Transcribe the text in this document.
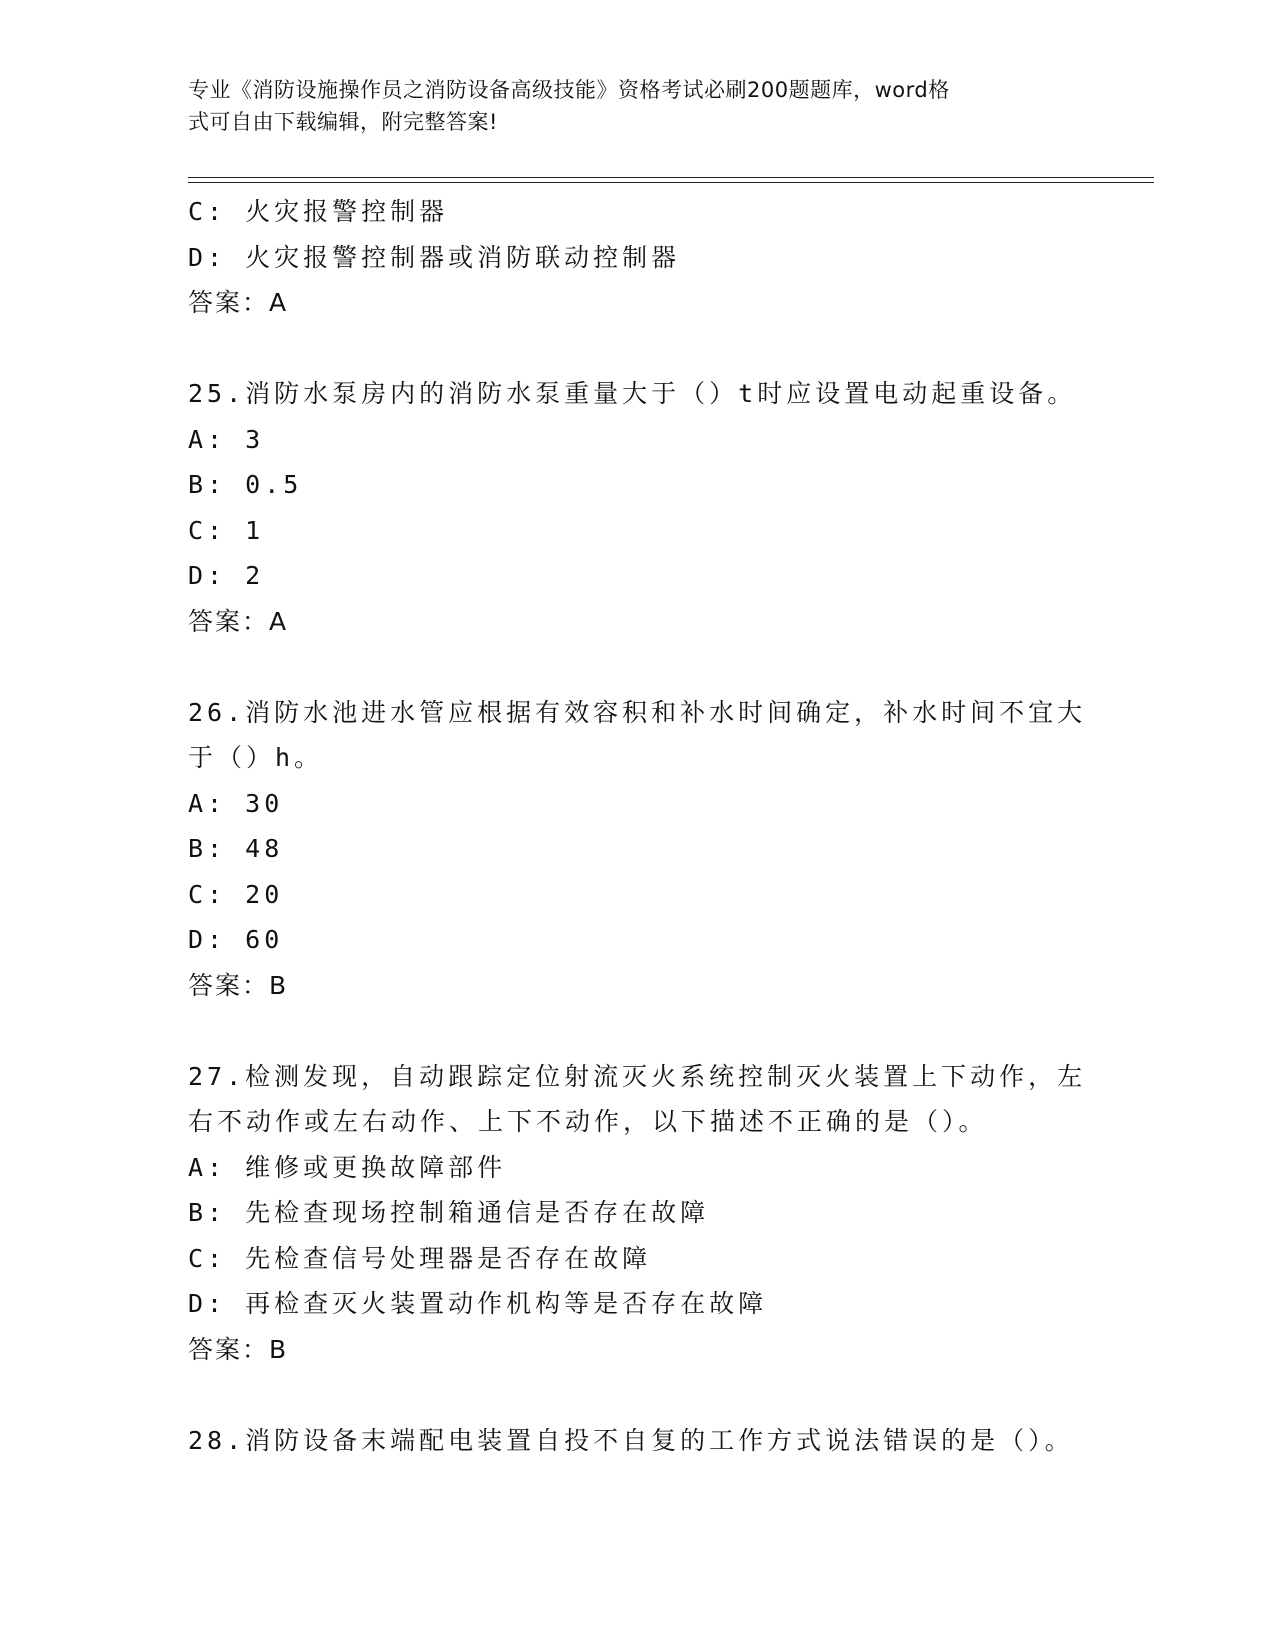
专业《消防设施操作员之消防设备高级技能》资格考试必刷200题题库，word格
式可自由下载编辑，附完整答案!
C: 火灾报警控制器
D: 火灾报警控制器或消防联动控制器
答案：A
25.消防水泵房内的消防水泵重量大于（）t时应设置电动起重设备。
A: 3
B: 0.5
C: 1
D: 2
答案：A
26.消防水池进水管应根据有效容积和补水时间确定，补水时间不宜大
于（）h。
A: 30
B: 48
C: 20
D: 60
答案：B
27.检测发现，自动跟踪定位射流灭火系统控制灭火装置上下动作，左
右不动作或左右动作、上下不动作，以下描述不正确的是（）。
A: 维修或更换故障部件
B: 先检查现场控制箱通信是否存在故障
C: 先检查信号处理器是否存在故障
D: 再检查灭火装置动作机构等是否存在故障
答案：B
28.消防设备末端配电装置自投不自复的工作方式说法错误的是（）。
